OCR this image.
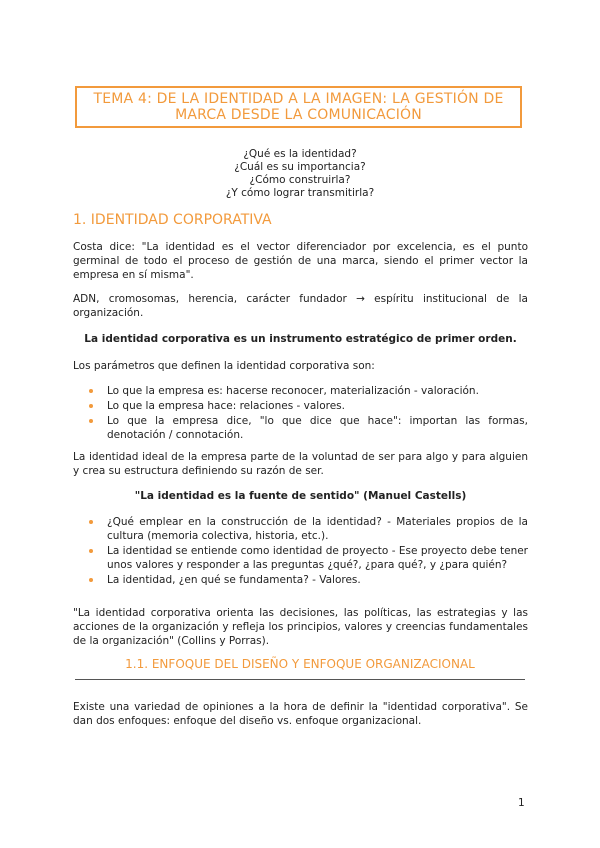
TEMA 4: DE LA IDENTIDAD A LA IMAGEN: LA GESTIÓN DE
MARCA DESDE LA COMUNICACIÓN
¿Qué es la identidad?
¿Cuál es su importancia?
¿Cómo construirla?
¿Y cómo lograr transmitirla?
1. IDENTIDAD CORPORATIVA
Costa dice: "La identidad es el vector diferenciador por excelencia, es el punto germinal de todo el proceso de gestión de una marca, siendo el primer vector la empresa en sí misma".
ADN, cromosomas, herencia, carácter fundador → espíritu institucional de la organización.
La identidad corporativa es un instrumento estratégico de primer orden.
Los parámetros que definen la identidad corporativa son:
Lo que la empresa es: hacerse reconocer, materialización - valoración.
Lo que la empresa hace: relaciones - valores.
Lo que la empresa dice, "lo que dice que hace": importan las formas, denotación / connotación.
La identidad ideal de la empresa parte de la voluntad de ser para algo y para alguien y crea su estructura definiendo su razón de ser.
"La identidad es la fuente de sentido" (Manuel Castells)
¿Qué emplear en la construcción de la identidad? - Materiales propios de la cultura (memoria colectiva, historia, etc.).
La identidad se entiende como identidad de proyecto - Ese proyecto debe tener unos valores y responder a las preguntas ¿qué?, ¿para qué?, y ¿para quién?
La identidad, ¿en qué se fundamenta? - Valores.
"La identidad corporativa orienta las decisiones, las políticas, las estrategias y las acciones de la organización y refleja los principios, valores y creencias fundamentales de la organización" (Collins y Porras).
1.1. ENFOQUE DEL DISEÑO Y ENFOQUE ORGANIZACIONAL
Existe una variedad de opiniones a la hora de definir la "identidad corporativa". Se dan dos enfoques: enfoque del diseño vs. enfoque organizacional.
1
